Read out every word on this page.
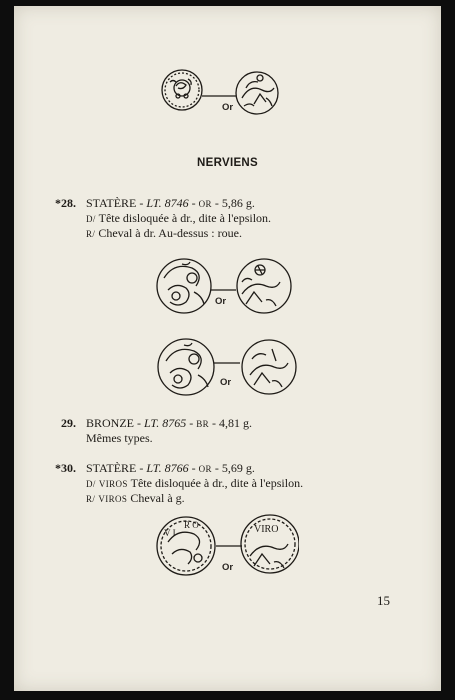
Or
NERVIENS
*28. STATÈRE - LT. 8746 - OR - 5,86 g.
D/ Tête disloquée à dr., dite à l'epsilon.
R/ Cheval à dr. Au-dessus : roue.
Or
Or
29. BRONZE - LT. 8765 - BR - 4,81 g.
Mêmes types.
*30. STATÈRE - LT. 8766 - OR - 5,69 g.
D/ VIROS Tête disloquée à dr., dite à l'epsilon.
R/ VIROS Cheval à g.
V I
R O	VIRO
Or
15
